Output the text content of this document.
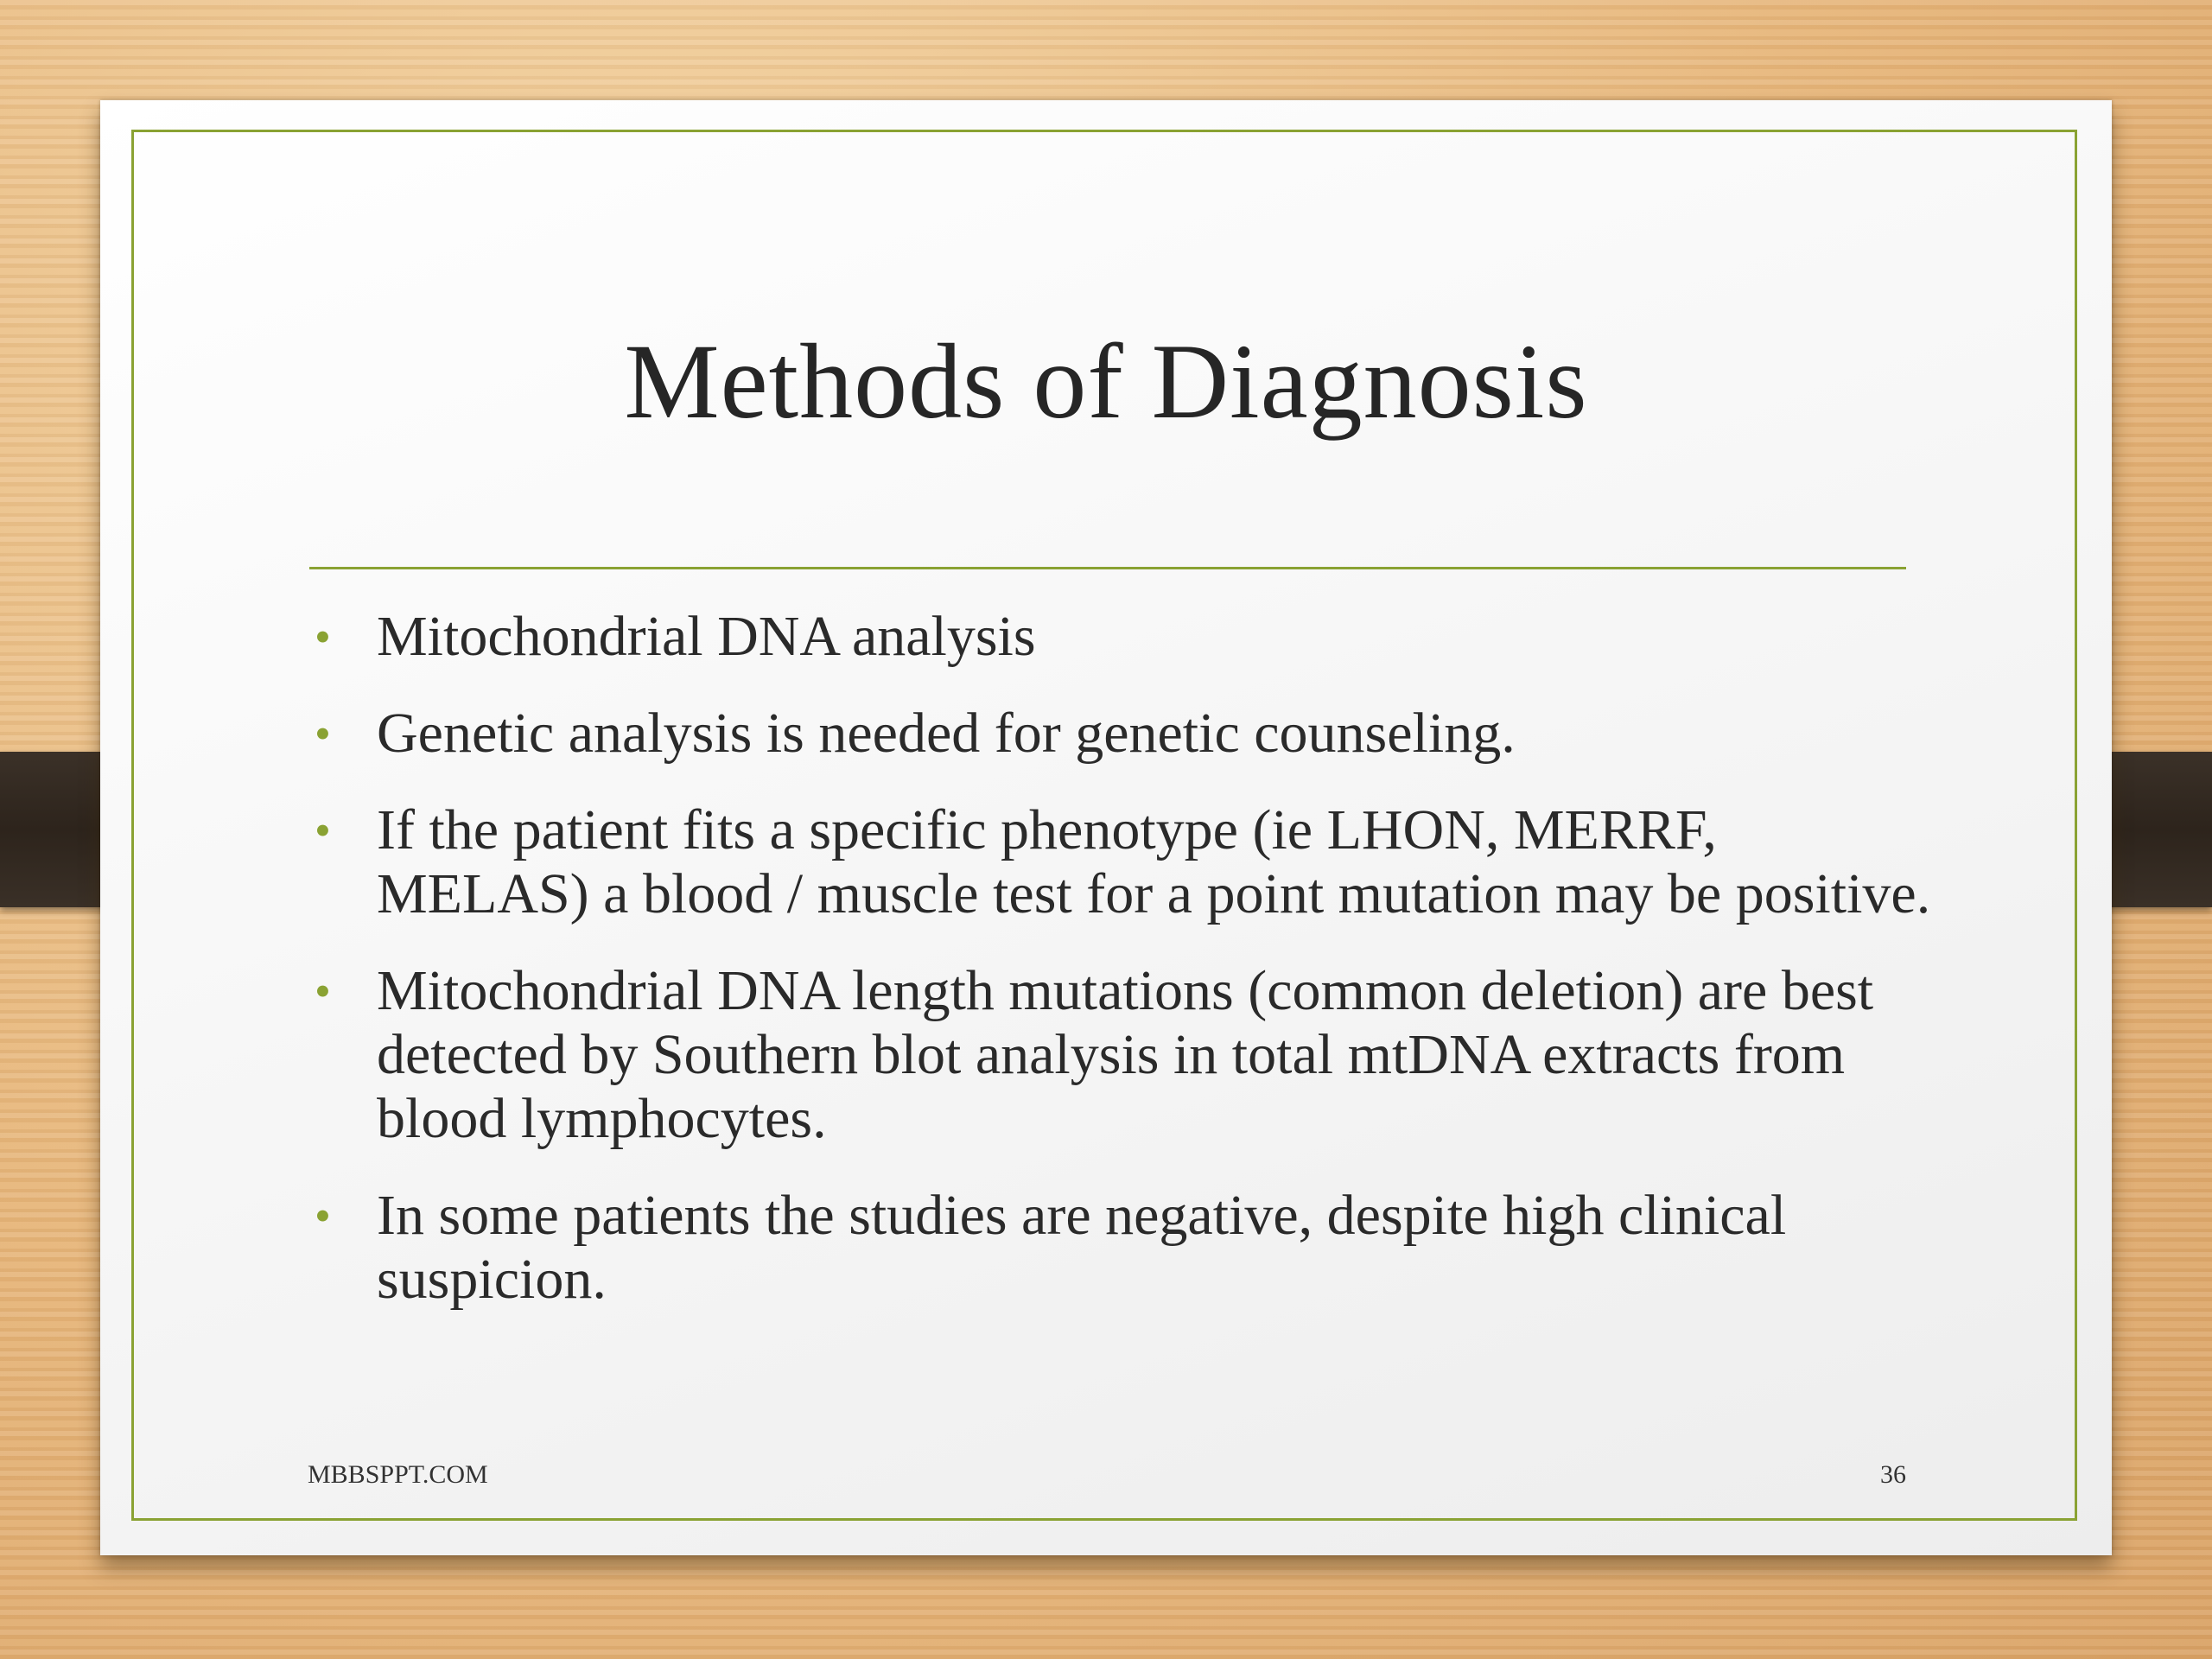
Methods of Diagnosis
• Mitochondrial DNA analysis
• Genetic analysis is needed for genetic counseling.
• If the patient fits a specific phenotype (ie LHON, MERRF, MELAS) a blood / muscle test for a point mutation may be positive.
• Mitochondrial DNA length mutations (common deletion) are best detected by Southern blot analysis in total mtDNA extracts from blood lymphocytes.
• In some patients the studies are negative, despite high clinical suspicion.
MBBSPPT.COM	36
